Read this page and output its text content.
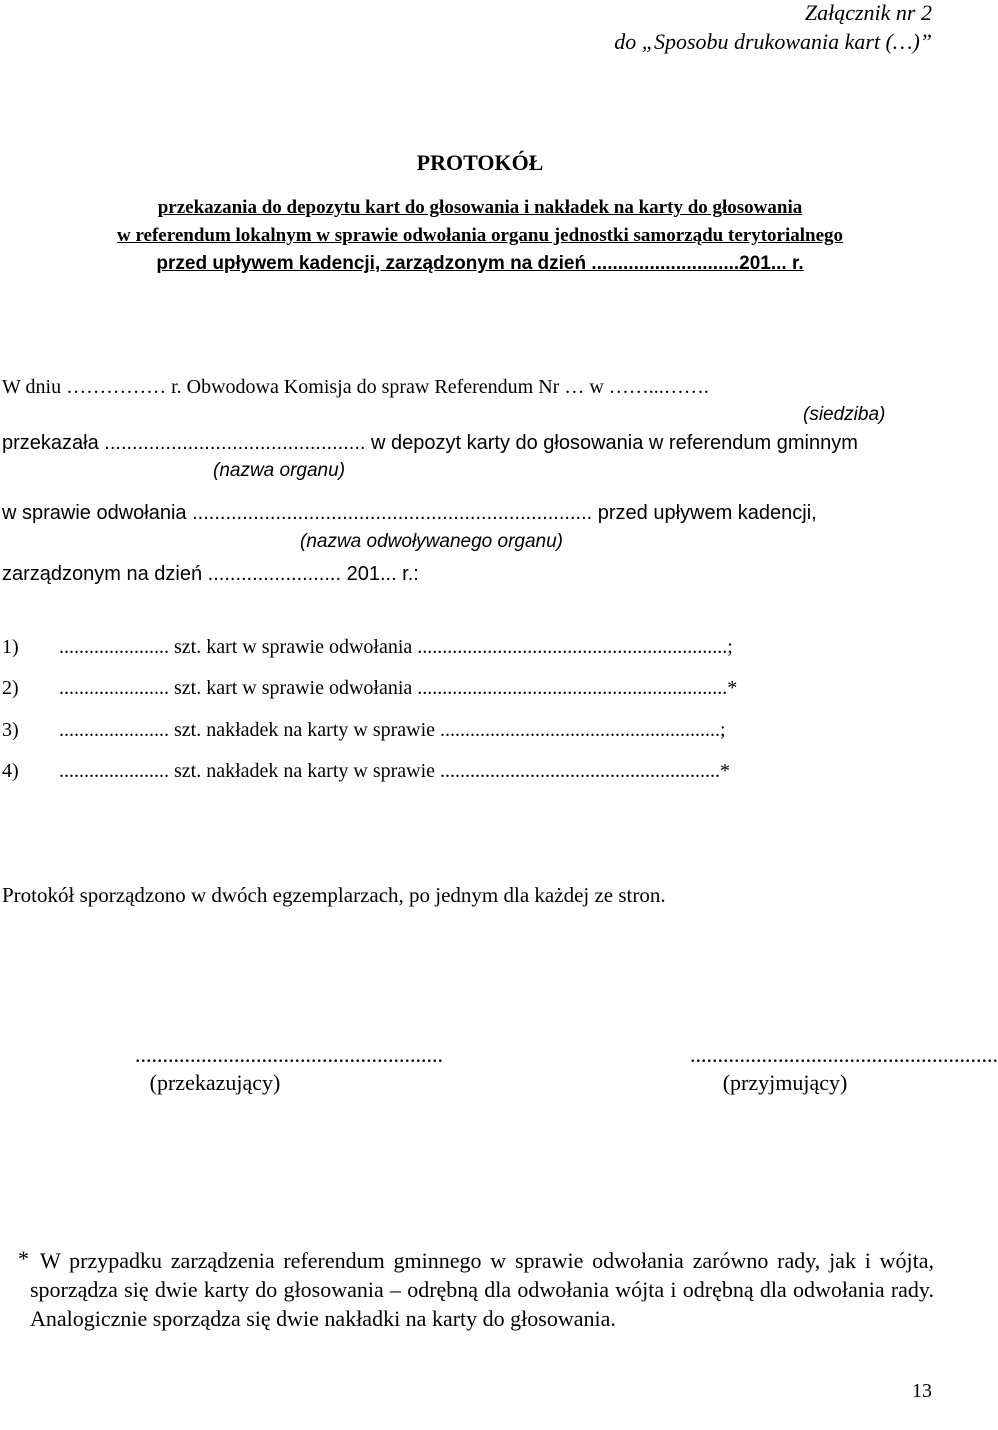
Załącznik nr 2
do „Sposobu drukowania kart (…)”
PROTOKÓŁ
przekazania do depozytu kart do głosowania i nakładek na karty do głosowania
w referendum lokalnym w sprawie odwołania organu jednostki samorządu terytorialnego
przed upływem kadencji, zarządzonym na dzień ............................201... r.
W dniu …………… r. Obwodowa Komisja do spraw Referendum Nr … w ……...…….
(siedziba)
przekazała ............................................... w depozyt karty do głosowania w referendum gminnym
(nazwa organu)
w sprawie odwołania ........................................................................ przed upływem kadencji,
(nazwa odwoływanego organu)
zarządzonym na dzień ........................ 201... r.:
1) ...................... szt. kart w sprawie odwołania ..............................................................;
2) ...................... szt. kart w sprawie odwołania ..............................................................*
3) ...................... szt. nakładek na karty w sprawie ........................................................;
4) ...................... szt. nakładek na karty w sprawie ........................................................*
Protokół sporządzono w dwóch egzemplarzach, po jednym dla każdej ze stron.
........................................................
(przekazujący)
........................................................
(przyjmujący)
* W przypadku zarządzenia referendum gminnego w sprawie odwołania zarówno rady, jak i wójta, sporządza się dwie karty do głosowania – odrębną dla odwołania wójta i odrębną dla odwołania rady. Analogicznie sporządza się dwie nakładki na karty do głosowania.
13
